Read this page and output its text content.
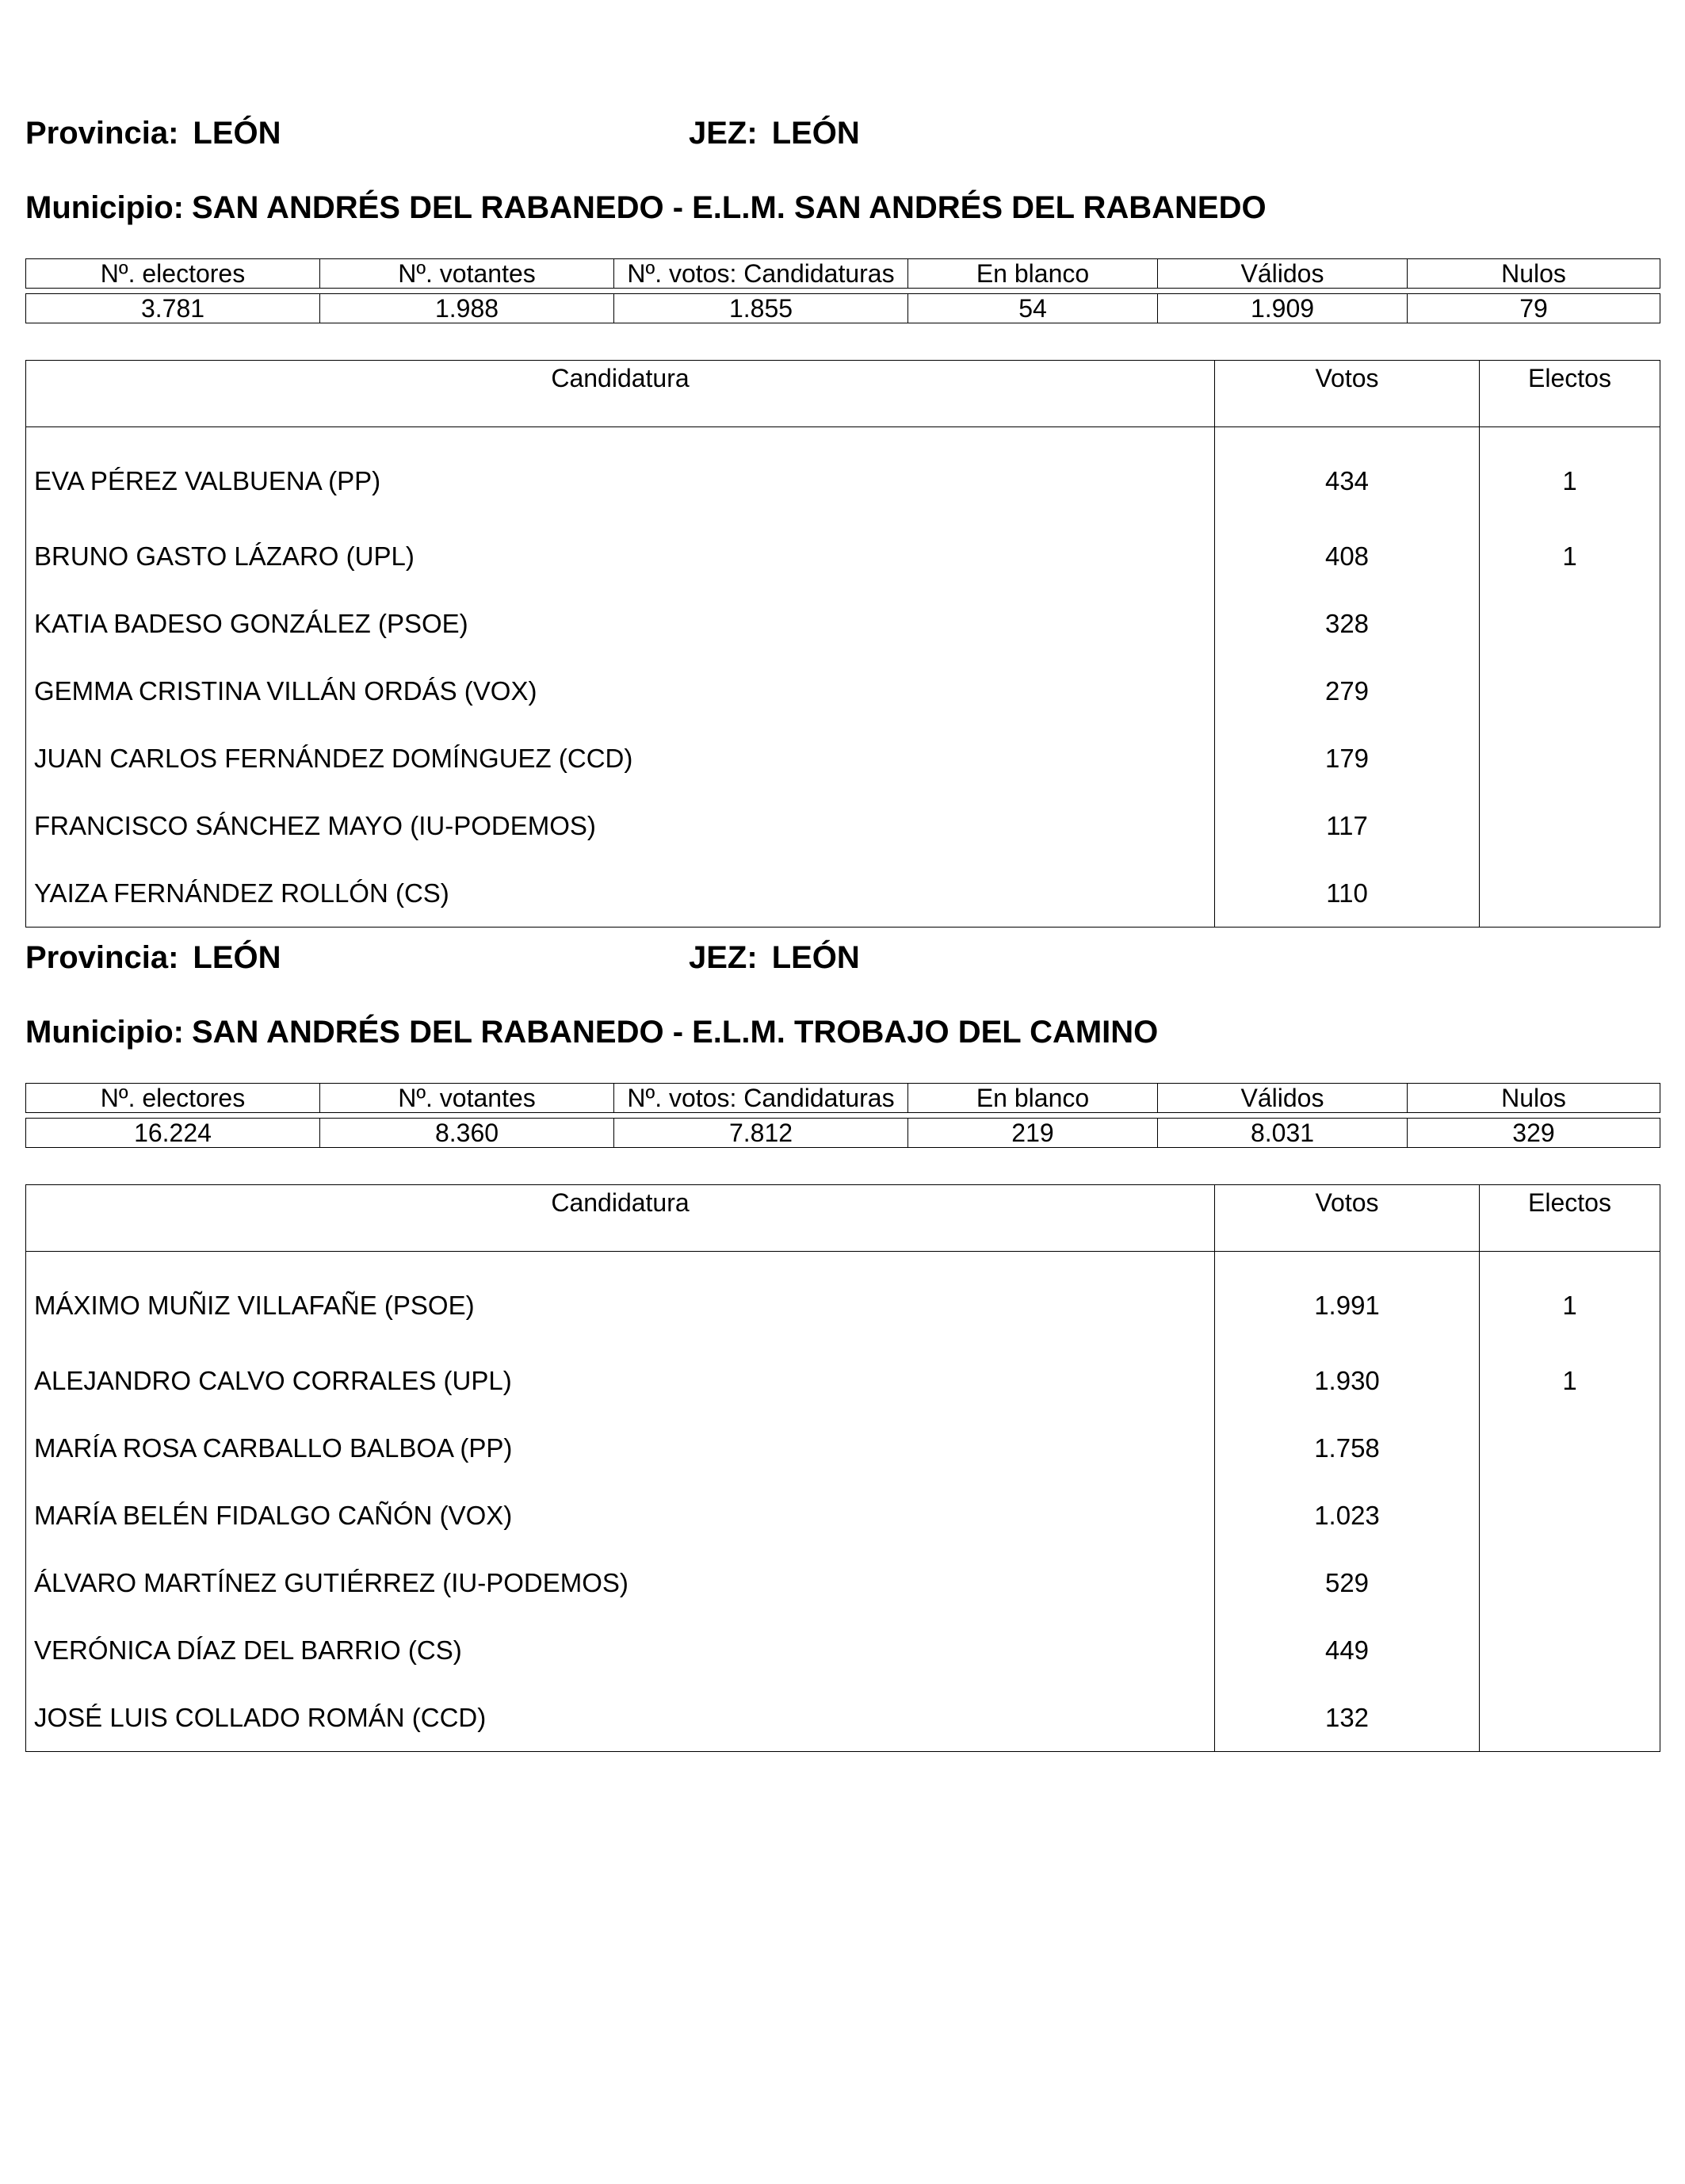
Provincia: LEÓN	JEZ: LEÓN
Municipio: SAN ANDRÉS DEL RABANEDO - E.L.M. SAN ANDRÉS DEL RABANEDO
Nº. electores	Nº. votantes	Nº. votos: Candidaturas	En blanco	Válidos	Nulos

3.781	1.988	1.855	54	1.909	79
Candidatura	Votos	Electos
EVA PÉREZ VALBUENA (PP)	434	1
BRUNO GASTO LÁZARO (UPL)	408	1
KATIA BADESO GONZÁLEZ (PSOE)	328	
GEMMA CRISTINA VILLÁN ORDÁS (VOX)	279	
JUAN CARLOS FERNÁNDEZ DOMÍNGUEZ (CCD)	179	
FRANCISCO SÁNCHEZ MAYO (IU-PODEMOS)	117	
YAIZA FERNÁNDEZ ROLLÓN (CS)	110	
Provincia: LEÓN	JEZ: LEÓN
Municipio: SAN ANDRÉS DEL RABANEDO - E.L.M. TROBAJO DEL CAMINO
Nº. electores	Nº. votantes	Nº. votos: Candidaturas	En blanco	Válidos	Nulos

16.224	8.360	7.812	219	8.031	329
Candidatura	Votos	Electos
MÁXIMO MUÑIZ VILLAFAÑE (PSOE)	1.991	1
ALEJANDRO CALVO CORRALES (UPL)	1.930	1
MARÍA ROSA CARBALLO BALBOA (PP)	1.758	
MARÍA BELÉN FIDALGO CAÑÓN (VOX)	1.023	
ÁLVARO MARTÍNEZ GUTIÉRREZ (IU-PODEMOS)	529	
VERÓNICA DÍAZ DEL BARRIO (CS)	449	
JOSÉ LUIS COLLADO ROMÁN (CCD)	132	
